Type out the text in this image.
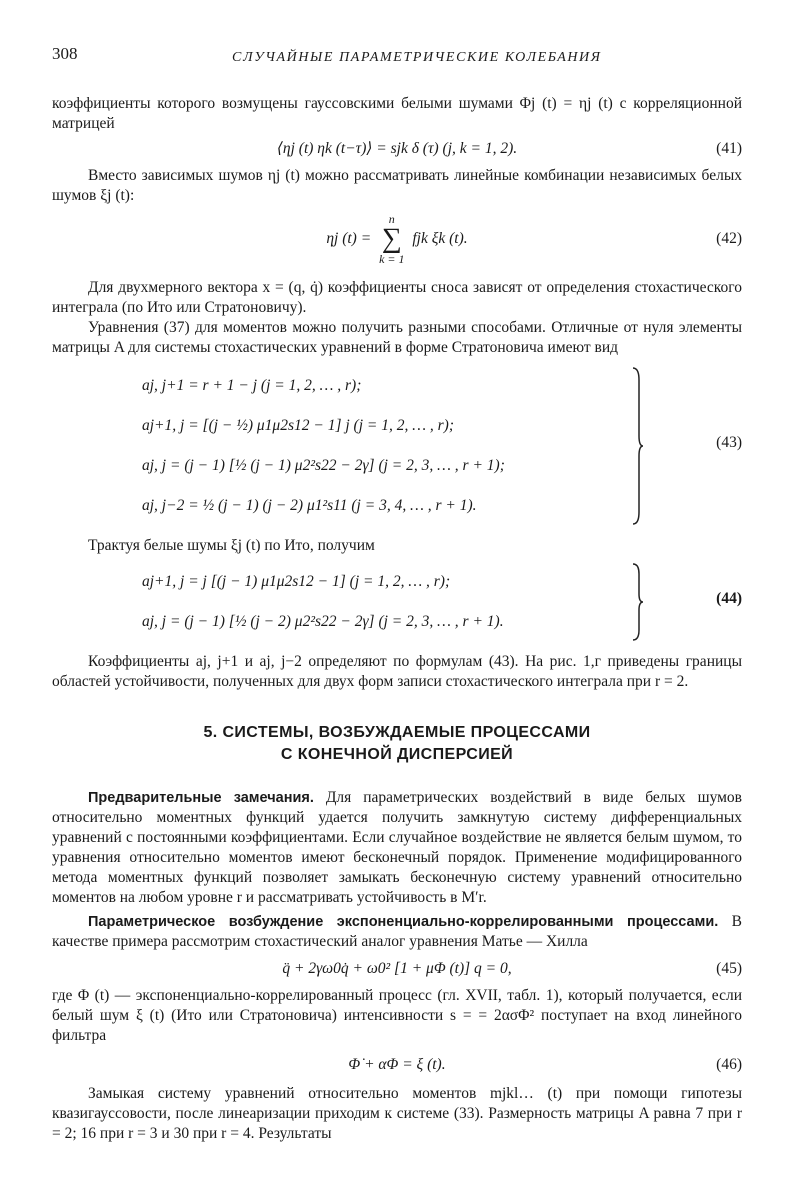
308	СЛУЧАЙНЫЕ ПАРАМЕТРИЧЕСКИЕ КОЛЕБАНИЯ

коэффициенты которого возмущены гауссовскими белыми шумами Φj (t) = ηj (t) с корреляционной матрицей

⟨ηj (t) ηk (t−τ)⟩ = sjk δ (τ) (j, k = 1, 2).	(41)

Вместо зависимых шумов ηj (t) можно рассматривать линейные комбинации независимых белых шумов ξj (t):

ηj (t) =
n
∑
k = 1
fjk ξk (t).	(42)

Для двухмерного вектора x = (q, q̇) коэффициенты сноса зависят от определения стохастического интеграла (по Ито или Стратоновичу).

Уравнения (37) для моментов можно получить разными способами. Отличные от нуля элементы матрицы A для системы стохастических уравнений в форме Стратоновича имеют вид

aj, j+1 = r + 1 − j (j = 1, 2, … , r);
aj+1, j = [(j − ½) μ1μ2s12 − 1] j (j = 1, 2, … , r);
aj, j = (j − 1) [½ (j − 1) μ2²s22 − 2γ] (j = 2, 3, … , r + 1);
aj, j−2 = ½ (j − 1) (j − 2) μ1²s11 (j = 3, 4, … , r + 1).
(43)

Трактуя белые шумы ξj (t) по Ито, получим

aj+1, j = j [(j − 1) μ1μ2s12 − 1] (j = 1, 2, … , r);
aj, j = (j − 1) [½ (j − 2) μ2²s22 − 2γ] (j = 2, 3, … , r + 1).
(44)

Коэффициенты aj, j+1 и aj, j−2 определяют по формулам (43). На рис. 1,г приведены границы областей устойчивости, полученных для двух форм записи стохастического интеграла при r = 2.

5. СИСТЕМЫ, ВОЗБУЖДАЕМЫЕ ПРОЦЕССАМИ
С КОНЕЧНОЙ ДИСПЕРСИЕЙ

Предварительные замечания. Для параметрических воздействий в виде белых шумов относительно моментных функций удается получить замкнутую систему дифференциальных уравнений с постоянными коэффициентами. Если случайное воздействие не является белым шумом, то уравнения относительно моментов имеют бесконечный порядок. Применение модифицированного метода моментных функций позволяет замыкать бесконечную систему уравнений относительно моментов на любом уровне r и рассматривать устойчивость в M′r.

Параметрическое возбуждение экспоненциально-коррелированными процессами. В качестве примера рассмотрим стохастический аналог уравнения Матье — Хилла

q̈ + 2γω0q̇ + ω0² [1 + μΦ (t)] q = 0,	(45)

где Φ (t) — экспоненциально-коррелированный процесс (гл. XVII, табл. 1), который получается, если белый шум ξ (t) (Ито или Стратоновича) интенсивности s = = 2ασΦ² поступает на вход линейного фильтра

Φ̇ + αΦ = ξ (t).	(46)

Замыкая систему уравнений относительно моментов mjkl… (t) при помощи гипотезы квазигауссовости, после линеаризации приходим к системе (33). Размерность матрицы A равна 7 при r = 2; 16 при r = 3 и 30 при r = 4. Результаты
